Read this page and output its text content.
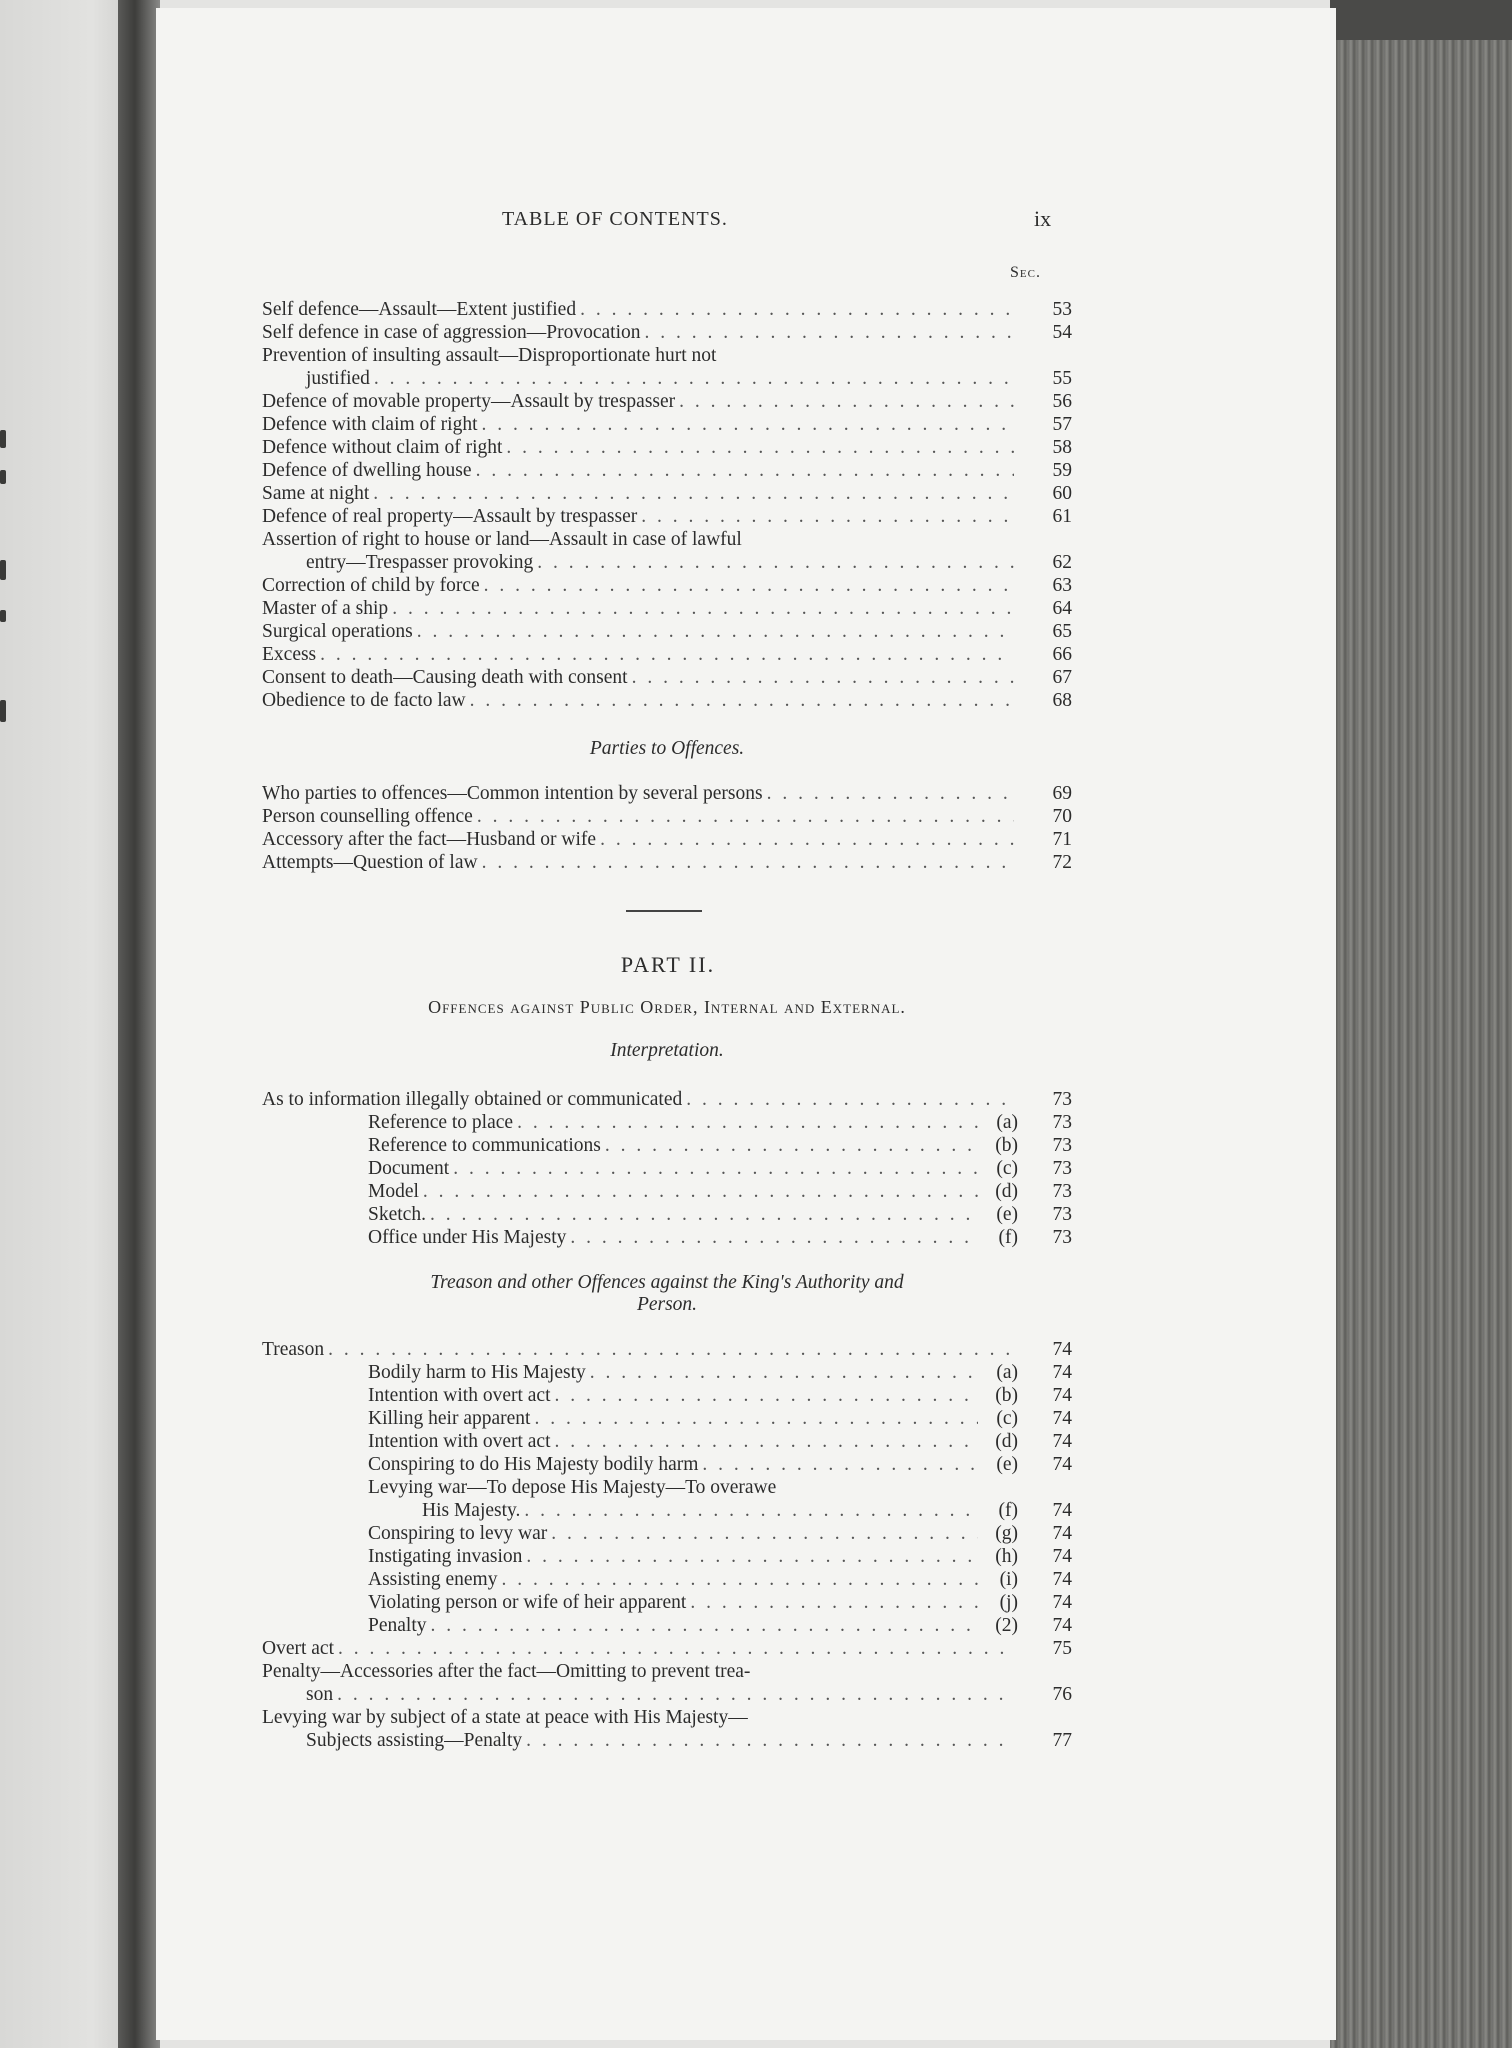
TABLE OF CONTENTS.	ix
Sec.
Self defence—Assault—Extent justified . . .	53
Self defence in case of aggression—Provocation . . .	54
Prevention of insulting assault—Disproportionate hurt not
justified . . .	55
Defence of movable property—Assault by trespasser . . .	56
Defence with claim of right . . .	57
Defence without claim of right . . .	58
Defence of dwelling house . . .	59
Same at night . . .	60
Defence of real property—Assault by trespasser . . .	61
Assertion of right to house or land—Assault in case of lawful
entry—Trespasser provoking . . .	62
Correction of child by force . . .	63
Master of a ship . . .	64
Surgical operations . . .	65
Excess . . .	66
Consent to death—Causing death with consent . . .	67
Obedience to de facto law . . .	68
Parties to Offences.
Who parties to offences—Common intention by several persons . . .	69
Person counselling offence . . .	70
Accessory after the fact—Husband or wife . . .	71
Attempts—Question of law . . .	72
PART II.
Offences against Public Order, Internal and External.
Interpretation.
As to information illegally obtained or communicated . . .	73
Reference to place . . .	(a)	73
Reference to communications . . .	(b)	73
Document . . .	(c)	73
Model . . .	(d)	73
Sketch. . . .	(e)	73
Office under His Majesty . . .	(f)	73
Treason and other Offences against the King's Authority and
Person.
Treason . . .	74
Bodily harm to His Majesty . . .	(a)	74
Intention with overt act . . .	(b)	74
Killing heir apparent . . .	(c)	74
Intention with overt act . . .	(d)	74
Conspiring to do His Majesty bodily harm . . .	(e)	74
Levying war—To depose His Majesty—To overawe
His Majesty. . . .	(f)	74
Conspiring to levy war . . .	(g)	74
Instigating invasion . . .	(h)	74
Assisting enemy . . .	(i)	74
Violating person or wife of heir apparent . . .	(j)	74
Penalty . . .	(2)	74
Overt act . . .	75
Penalty—Accessories after the fact—Omitting to prevent trea-
son . . .	76
Levying war by subject of a state at peace with His Majesty—
Subjects assisting—Penalty . . .	77
